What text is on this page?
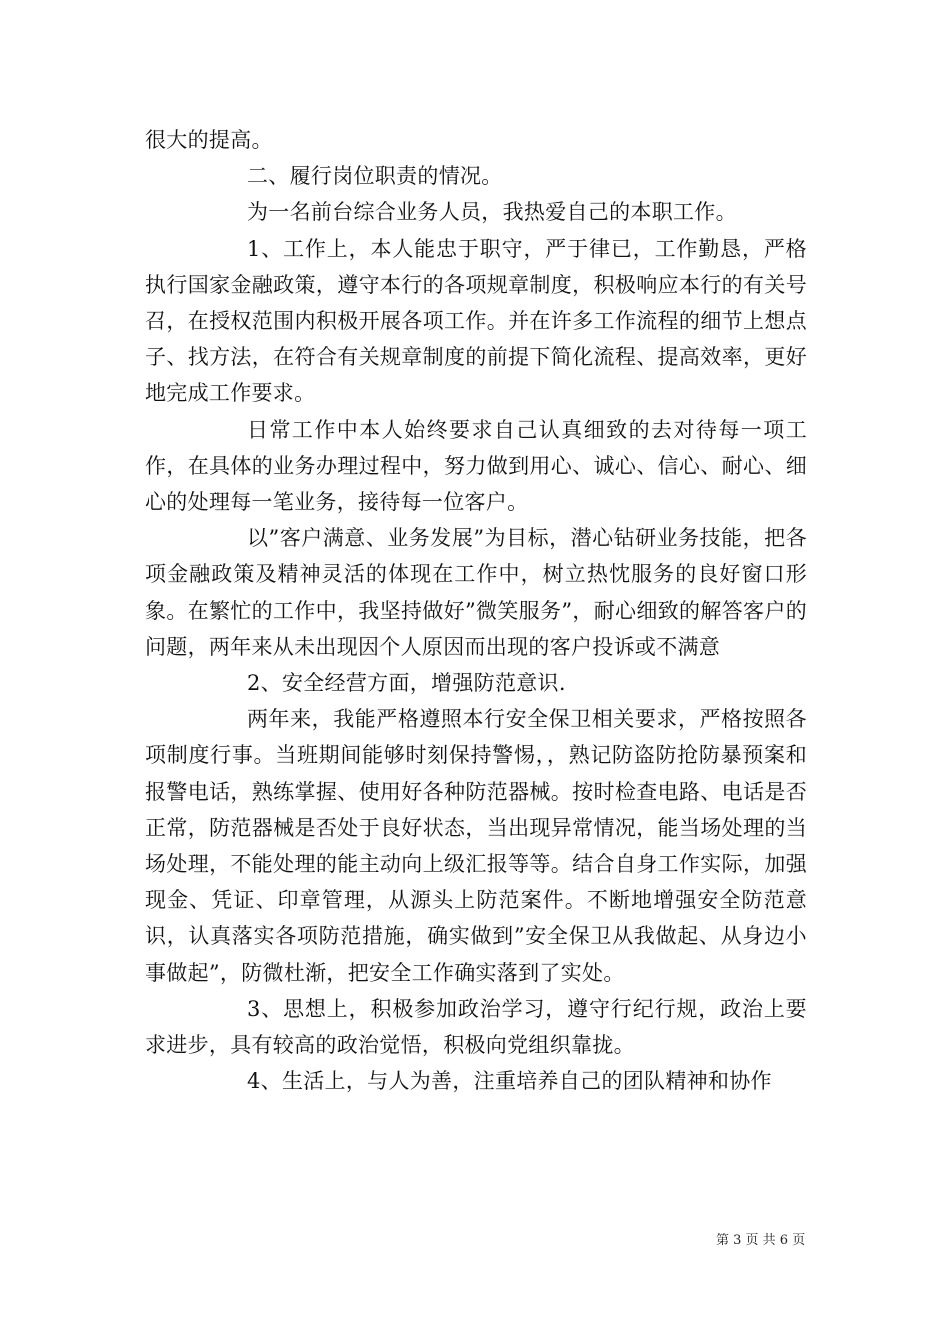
很大的提高。

二、履行岗位职责的情况。

为一名前台综合业务人员，我热爱自己的本职工作。

1、工作上，本人能忠于职守，严于律已，工作勤恳，严格执行国家金融政策，遵守本行的各项规章制度，积极响应本行的有关号召，在授权范围内积极开展各项工作。并在许多工作流程的细节上想点子、找方法，在符合有关规章制度的前提下简化流程、提高效率，更好地完成工作要求。

日常工作中本人始终要求自己认真细致的去对待每一项工作，在具体的业务办理过程中，努力做到用心、诚心、信心、耐心、细心的处理每一笔业务，接待每一位客户。

以”客户满意、业务发展”为目标，潜心钻研业务技能，把各项金融政策及精神灵活的体现在工作中，树立热忱服务的良好窗口形象。在繁忙的工作中，我坚持做好”微笑服务”，耐心细致的解答客户的问题，两年来从未出现因个人原因而出现的客户投诉或不满意

2、安全经营方面，增强防范意识.

两年来，我能严格遵照本行安全保卫相关要求，严格按照各项制度行事。当班期间能够时刻保持警惕，，熟记防盗防抢防暴预案和报警电话，熟练掌握、使用好各种防范器械。按时检查电路、电话是否正常，防范器械是否处于良好状态，当出现异常情况，能当场处理的当场处理，不能处理的能主动向上级汇报等等。结合自身工作实际，加强现金、凭证、印章管理，从源头上防范案件。不断地增强安全防范意识，认真落实各项防范措施，确实做到”安全保卫从我做起、从身边小事做起”，防微杜渐，把安全工作确实落到了实处。

3、思想上，积极参加政治学习，遵守行纪行规，政治上要求进步，具有较高的政治觉悟，积极向党组织靠拢。

4、生活上，与人为善，注重培养自己的团队精神和协作

第 3 页 共 6 页
